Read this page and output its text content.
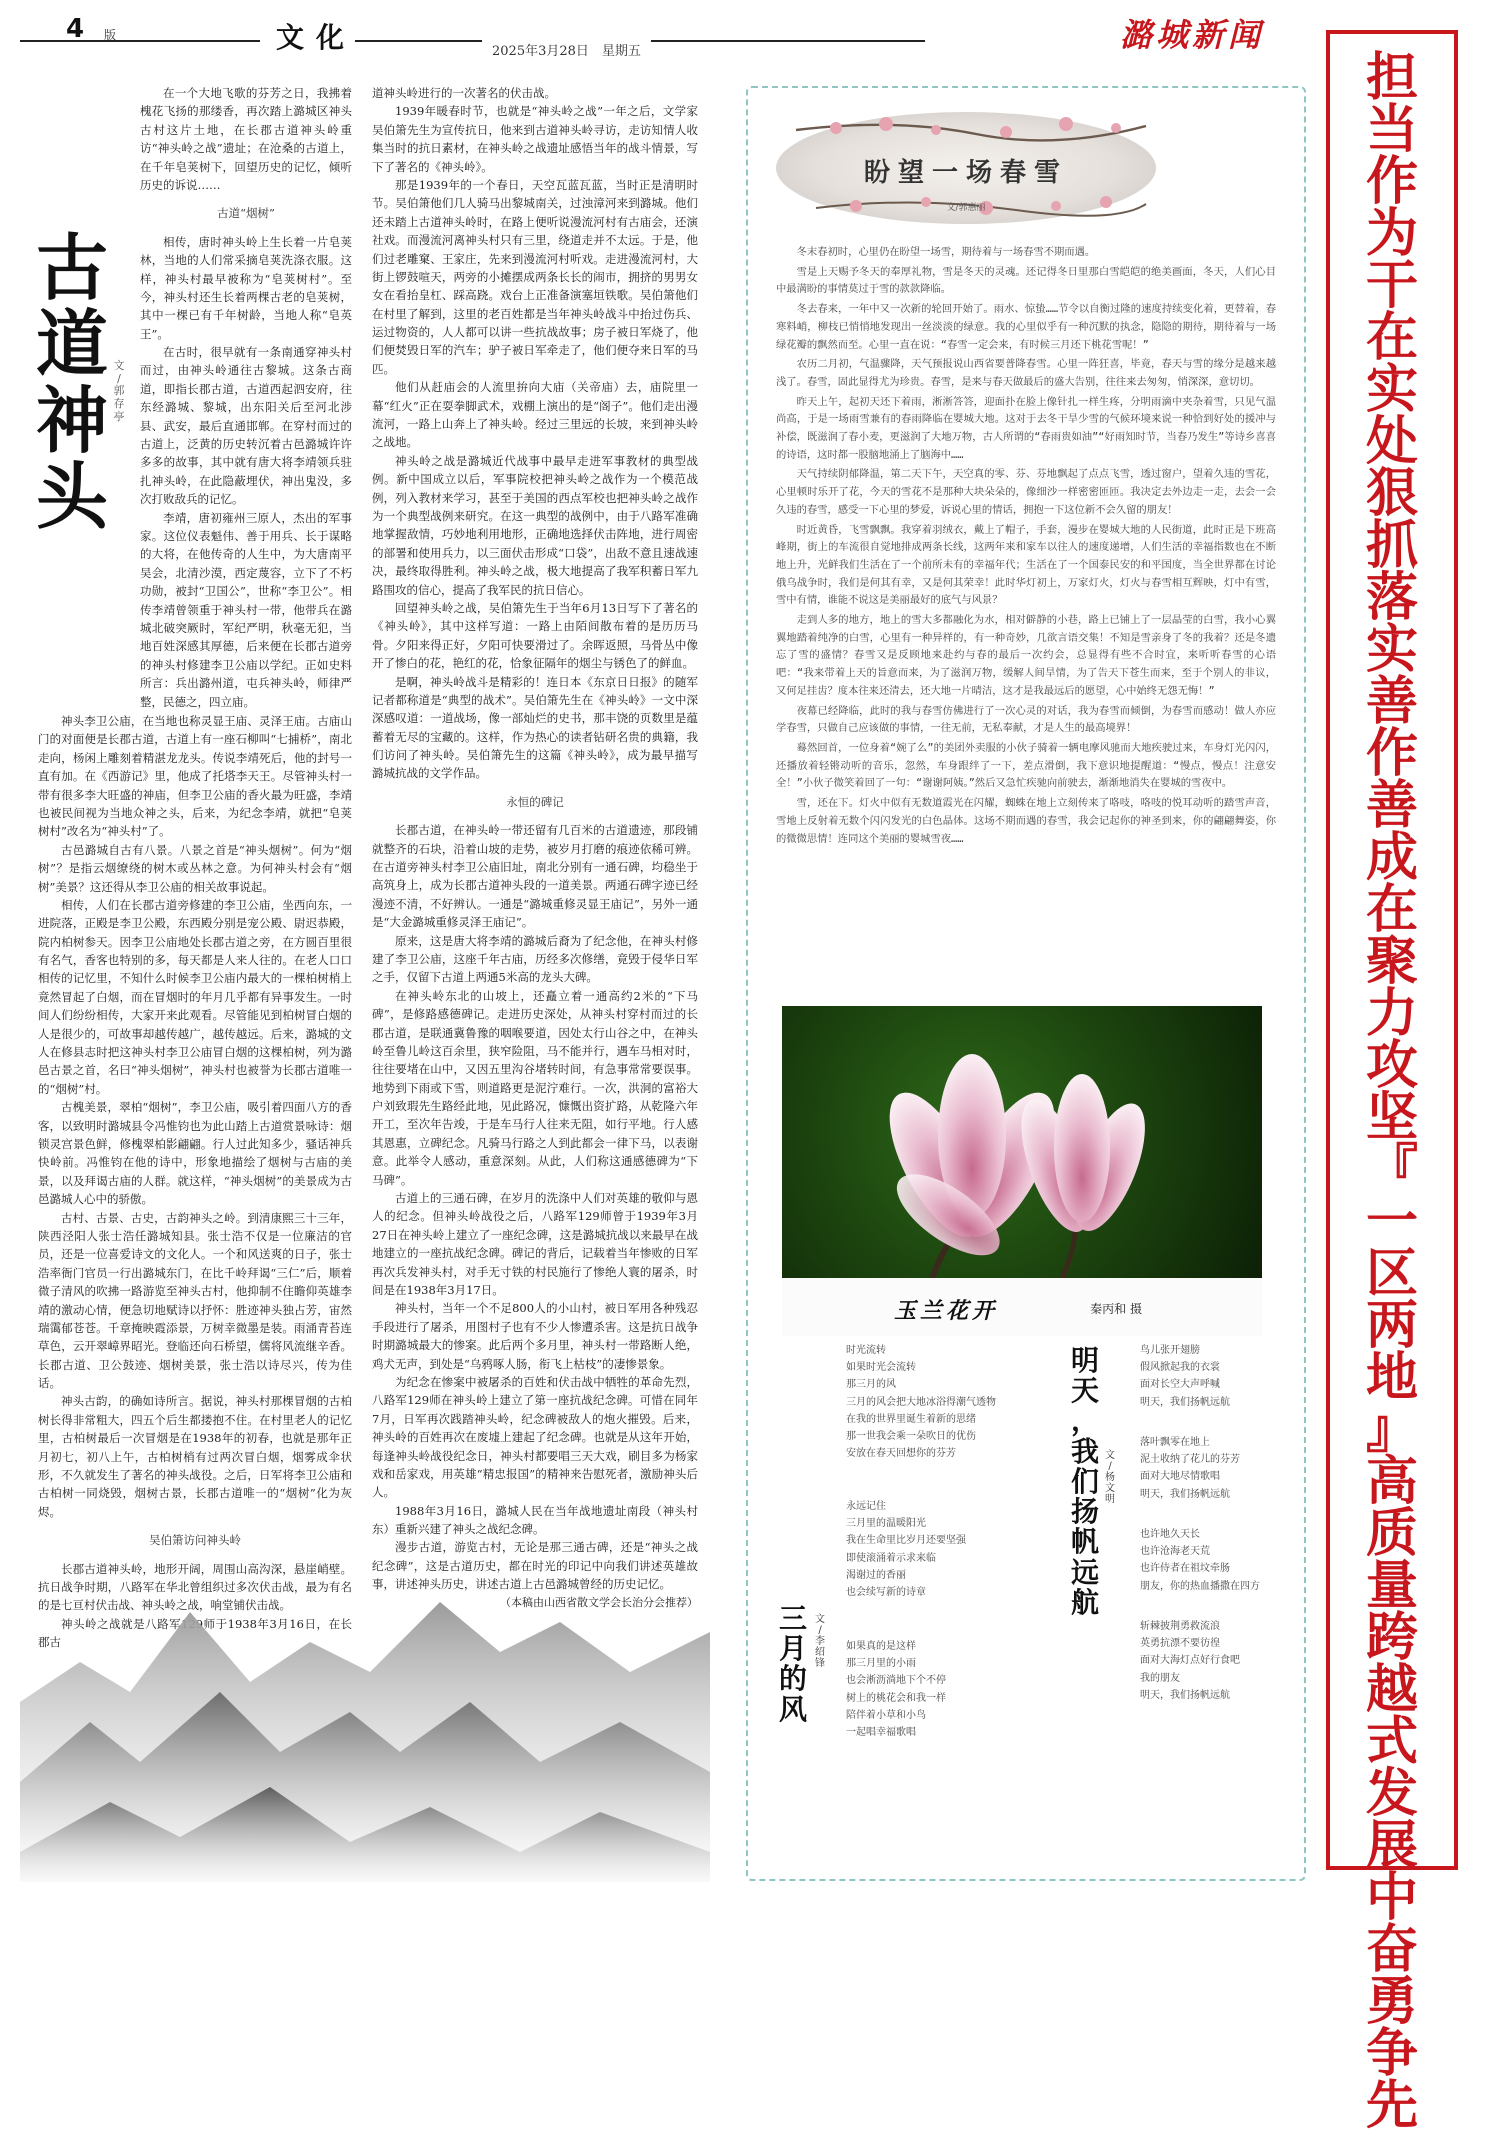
4 版	文化	2025年3月28日　星期五	潞城新闻
担
当
作
为
干
在
实
处
狠
抓
落
实
善
作
善
成
在
聚
力
攻
坚
『
一
区
两
地
』
高
质
量
跨
越
式
发
展
中
奋
勇
争
先
古
道
神
头
文
/
郭
存
亭

在一个大地飞歌的芬芳之日，我拂着槐花飞扬的那缕香，再次踏上潞城区神头古村这片土地，在长郡古道神头岭重访“神头岭之战”遗址；在沧桑的古道上，在千年皂荚树下，回望历史的记忆，倾听历史的诉说……

古道“烟树”

相传，唐时神头岭上生长着一片皂荚林，当地的人们常采摘皂荚洗涤衣服。这样，神头村最早被称为“皂荚树村”。至今，神头村还生长着两棵古老的皂荚树，其中一棵已有千年树龄，当地人称“皂英王”。

在古时，很早就有一条南通穿神头村而过，由神头岭通往古黎城。这条古商道，即指长郡古道，古道西起泗安府，往东经潞城、黎城，出东阳关后至河北涉县、武安，最后直通邯郸。在穿村而过的古道上，泛黄的历史转沉着古邑潞城许许多多的故事，其中就有唐大将李靖领兵驻扎神头岭，在此隐蔽埋伏，神出鬼没，多次打败敌兵的记忆。

李靖，唐初雍州三原人，杰出的军事家。这位仪表魁伟、善于用兵、长于谋略的大将，在他传奇的人生中，为大唐南平吴会，北清沙漠，西定蔑容，立下了不朽功勋，被封“卫国公”，世称“李卫公”。相传李靖曾领重于神头村一带，他带兵在潞城北破突厥时，军纪严明，秋毫无犯，当地百姓深感其厚德，后来便在长郡古道旁的神头村修建李卫公庙以学纪。正如史料所言：兵出潞州道，屯兵神头岭，师律严整，民德之，四立庙。

神头李卫公庙，在当地也称灵显王庙、灵泽王庙。古庙山门的对面便是长郡古道，古道上有一座石柳叫“七捕桥”，南北走向，杨闲上雕刻着精湛龙龙头。传说李靖死后，他的封号一直有加。在《西游记》里，他成了托塔李天王。尽管神头村一带有很多李大旺盛的神庙，但李卫公庙的香火最为旺盛，李靖也被民间视为当地众神之头，后来，为纪念李靖，就把“皂荚树村”改名为“神头村”了。

古邑潞城自古有八景。八景之首是“神头烟树”。何为“烟树”？是指云烟缭绕的树木或丛林之意。为何神头村会有“烟树”美景？这还得从李卫公庙的相关故事说起。

相传，人们在长郡古道旁修建的李卫公庙，坐西向东，一进院落，正殿是李卫公殿，东西殿分别是宠公殿、尉迟恭殿，院内柏树参天。因李卫公庙地处长郡古道之旁，在方圆百里很有名气，香客也特别的多，每天都是人来人往的。在老人口口相传的记忆里，不知什么时候李卫公庙内最大的一棵柏树梢上竟然冒起了白烟，而在冒烟时的年月几乎都有异事发生。一时间人们纷纷相传，大家开来此观看。尽管能见到柏树冒白烟的人是很少的，可故事却越传越广，越传越远。后来，潞城的文人在修县志时把这神头村李卫公庙冒白烟的这棵柏树，列为潞邑古景之首，名曰“神头烟树”，神头村也被誉为长郡古道唯一的“烟树”村。

古槐美景，翠柏“烟树”，李卫公庙，吸引着四面八方的香客，以致明时潞城县令冯惟钧也为此山踏上古道赏景咏诗：烟锁灵宫景色鲜，修槐翠柏影翩翩。行人过此知多少，骚话神兵快岭前。冯惟钧在他的诗中，形象地描绘了烟树与古庙的美景，以及拜谒古庙的人群。就这样，“神头烟树”的美景成为古邑潞城人心中的骄傲。

古村、古景、古史，古韵神头之岭。到清康熙三十三年，陕西泾阳人张士浩任潞城知县。张士浩不仅是一位廉洁的官员，还是一位喜爱诗文的文化人。一个和风送爽的日子，张士浩率衙门官员一行出潞城东门，在比千岭拜谒“三仁”后，顺着微子清风的吹拂一路游览至神头古村，他抑制不住瞻仰英雄李靖的激动心情，便急切地赋诗以抒怀：胜迹神头独占芳，宙然瑞霭郁苍苍。千章掩映霞添景，万树幸微墨是装。雨涌青苔连草色，云开翠嶂界昭光。登临还向石桥望，儒将风流继辛香。长郡古道、卫公鼓迹、烟树美景，张士浩以诗尽兴，传为佳话。

神头古韵，的确如诗所言。据说，神头村那棵冒烟的古柏树长得非常粗大，四五个后生都搂抱不住。在村里老人的记忆里，古柏树最后一次冒烟是在1938年的初春，也就是那年正月初七，初八上午，古柏树梢有过两次冒白烟，烟雾成伞状形，不久就发生了著名的神头战役。之后，日军将李卫公庙和古柏树一同烧毁，烟树古景，长郡古道唯一的“烟树”化为灰烬。

吴伯箫访问神头岭

长郡古道神头岭，地形开阔，周围山高沟深，悬崖峭壁。抗日战争时期，八路军在华北曾组织过多次伏击战，最为有名的是七亘村伏击战、神头岭之战，响堂铺伏击战。

神头岭之战就是八路军129师于1938年3月16日，在长郡古

道神头岭进行的一次著名的伏击战。

1939年暖春时节，也就是“神头岭之战”一年之后，文学家吴伯箫先生为宣传抗日，他来到古道神头岭寻访，走访知情人收集当时的抗日素材，在神头岭之战遗址感悟当年的战斗情景，写下了著名的《神头岭》。

那是1939年的一个春日，天空瓦蓝瓦蓝，当时正是清明时节。吴伯箫他们几人骑马出黎城南关，过浊漳河来到潞城。他们还未踏上古道神头岭时，在路上便听说漫流河村有古庙会，还演社戏。而漫流河离神头村只有三里，绕道走并不太远。于是，他们过老雕窠、王家庄，先来到漫流河村听戏。走进漫流河村，大街上锣鼓喧天，两旁的小摊摆成两条长长的闹市，拥挤的男男女女在看抬皇杠、踩高跷。戏台上正准备演塞垣铁歌。吴伯箫他们在村里了解到，这里的老百姓都是当年神头岭战斗中抬过伤兵、运过物资的，人人都可以讲一些抗战故事；房子被日军烧了，他们便焚毁日军的汽车；驴子被日军牵走了，他们便夺来日军的马匹。

他们从赶庙会的人流里拚向大庙（关帝庙）去，庙院里一幕“红火”正在耍拳脚武术，戏棚上演出的是“阁子”。他们走出漫流河，一路上山奔上了神头岭。经过三里远的长坡，来到神头岭之战地。

神头岭之战是潞城近代战事中最早走进军事教材的典型战例。新中国成立以后，军事院校把神头岭之战作为一个模范战例，列入教材来学习，甚至于美国的西点军校也把神头岭之战作为一个典型战例来研究。在这一典型的战例中，由于八路军准确地掌握敌情，巧妙地利用地形，正确地选择伏击阵地，进行周密的部署和使用兵力，以三面伏击形成“口袋”，出敌不意且速战速决，最终取得胜利。神头岭之战，极大地提高了我军积蓄日军九路围攻的信心，提高了我军民的抗日信心。

回望神头岭之战，吴伯箫先生于当年6月13日写下了著名的《神头岭》，其中这样写道：一路上由陌间散布着的是历历马骨。夕阳来得正好，夕阳可快要滑过了。余晖返照，马骨丛中像开了惨白的花，艳红的花，恰象征隔年的烟尘与锈色了的鲜血。

是啊，神头岭战斗是精彩的！连日本《东京日日报》的随军记者都称道是“典型的战术”。吴伯箫先生在《神头岭》一文中深深感叹道：一道战场，像一部灿烂的史书，那丰饶的页数里是蕴蓄着无尽的宝藏的。这样，作为热心的读者钻研名贵的典籍，我们访问了神头岭。吴伯箫先生的这篇《神头岭》，成为最早描写潞城抗战的文学作品。

永恒的碑记

长郡古道，在神头岭一带还留有几百米的古道遗迹，那段铺就整齐的石块，沿着山坡的走势，被岁月打磨的痕迹依稀可辨。在古道旁神头村李卫公庙旧址，南北分别有一通石碑，均稳坐于高筑身上，成为长郡古道神头段的一道美景。两通石碑字迹已经漫迹不清，不好辨认。一通是“潞城重修灵显王庙记”，另外一通是“大金潞城重修灵泽王庙记”。

原来，这是唐大将李靖的潞城后裔为了纪念他，在神头村修建了李卫公庙，这座千年古庙，历经多次修缮，竟毁于侵华日军之手，仅留下古道上两通5米高的龙头大碑。

在神头岭东北的山坡上，还矗立着一通高约2米的“下马碑”，是修路感德碑记。走进历史深处，从神头村穿村而过的长郡古道，是联通冀鲁豫的咽喉要道，因处太行山谷之中，在神头岭至鲁儿岭这百余里，狭窄险阻，马不能并行，遇车马相对时，往往要堵在山中，又因五里沟谷堵转时间，有急事常常要误事。地势到下雨或下雪，则道路更是泥泞难行。一次，洪洞的富裕大户刘致瑕先生路经此地，见此路况，慷慨出资扩路，从乾隆六年开工，至次年告竣，于是车马行人往来无阻，如行平地。行人感其恩惠，立碑纪念。凡骑马行路之人到此都会一律下马，以表谢意。此举令人感动，重意深刻。从此，人们称这通感德碑为“下马碑”。

古道上的三通石碑，在岁月的洗涤中人们对英雄的敬仰与恩人的纪念。但神头岭战役之后，八路军129师曾于1939年3月27日在神头岭上建立了一座纪念碑，这是潞城抗战以来最早在战地建立的一座抗战纪念碑。碑记的背后，记载着当年惨败的日军再次兵发神头村，对手无寸铁的村民施行了惨绝人寰的屠杀，时间是在1938年3月17日。

神头村，当年一个不足800人的小山村，被日军用各种残忍手段进行了屠杀，用图村子也有不少人惨遭杀害。这是抗日战争时期潞城最大的惨案。此后两个多月里，神头村一带路断人绝，鸡犬无声，到处是“乌鸦啄人肠，衔飞上枯枝”的凄惨景象。

为纪念在惨案中被屠杀的百姓和伏击战中牺牲的革命先烈，八路军129师在神头岭上建立了第一座抗战纪念碑。可惜在同年7月，日军再次践踏神头岭，纪念碑被敌人的炮火摧毁。后来，神头岭的百姓再次在废墟上建起了纪念碑。也就是从这年开始，每逢神头岭战役纪念日，神头村都要唱三天大戏，刷目多为杨家戏和岳家戏，用英雄“精忠报国”的精神来告慰死者，激励神头后人。

1988年3月16日，潞城人民在当年战地遗址南段（神头村东）重新兴建了神头之战纪念碑。

漫步古道，游览古村，无论是那三通古碑，还是“神头之战纪念碑”，这是古道历史，都在时光的印记中向我们讲述英雄故事，讲述神头历史，讲述古道上古邑潞城曾经的历史记忆。

（本稿由山西省散文学会长治分会推荐）

盼望一场春雪
文/郭惠丽

冬末春初时，心里仍在盼望一场雪，期待着与一场春雪不期而遇。

雪是上天赐予冬天的奉厚礼物，雪是冬天的灵魂。还记得冬日里那白雪皑皑的绝美画面，冬天，人们心目中最满盼的事情莫过于雪的款款降临。

冬去春来，一年中又一次新的轮回开始了。雨水、惊蛰……节令以自衡过隆的速度持续变化着，更替着，春寒料峭，柳枝已悄悄地发现出一丝淡淡的绿意。我的心里似乎有一种沉默的执念，隐隐的期待，期待着与一场绿花瓣的飘然而至。心里一直在说：“春雪一定会来，有时候三月还下桃花雪呢！”

农历二月初，气温骤降，天气预报说山西省要普降春雪。心里一阵狂喜，毕竟，春天与雪的缘分是越来越浅了。春雪，固此显得尤为珍贵。春雪，是来与春天做最后的盛大告别，往往来去匆匆，悄深深，意切切。

昨天上午，起初天还下着雨，淅淅答答，迎面扑在脸上像针扎一样生疼，分明雨滴中夹杂着雪，只见气温尚高，于是一场雨雪兼有的春雨降临在婴城大地。这对于去冬干旱少雪的气候环境来说一种恰到好处的援冲与补偿，既滋润了春小麦，更滋润了大地万物，古人所谓的“春雨贵如油”“好雨知时节，当春乃发生”等诗乡喜喜的诗语，这时都一股脑地涌上了脑海中……

天气持续阴郁降温，第二天下午，天空真的零、芬、芬地飘起了点点飞雪，透过窗户，望着久违的雪花，心里顿时乐开了花，今天的雪花不是那种大块朵朵的，像细沙一样密密匝匝。我决定去外边走一走，去会一会久违的春雪，感受一下心里的梦爱，诉说心里的情话，拥抱一下这位新不会久留的朋友！

时近黄昏，飞雪飘飘。我穿着羽绒衣，戴上了帽子，手套，漫步在婴城大地的人民街道，此时正是下班高峰期，街上的车流很自觉地排成两条长线，这两年来和家车以往人的速度递增，人们生活的幸福指数也在不断地上升，光鲜我们生活在了一个前所未有的幸福年代；生活在了一个国泰民安的和平国度，当全世界都在讨论俄乌战争时，我们是何其有幸，又是何其荣幸！此时华灯初上，万家灯火，灯火与春雪相互辉映，灯中有雪，雪中有情，谁能不说这是美丽最好的底气与风景？

走到人多的地方，地上的雪大多都融化为水，相对僻静的小巷，路上已铺上了一层晶莹的白雪，我小心翼翼地踏着纯净的白雪，心里有一种异样的，有一种奇妙，几欲言语交集！不知是雪亲身了冬的我着？还是冬遗忘了雪的盛情？春雪又是反顾地来赴约与春的最后一次约会，总显得有些不合时宜，来听听春雪的心语吧：“我来带着上天的旨意而来，为了滋润万物，缓解人间旱情，为了告天下苍生而来，至于个别人的非议，又何足挂齿？度本往来还清去，还大地一片晴洁，这才是我最远后的愿望，心中始终无怨无悔！”

夜幕已经降临，此时的我与春雪仿佛进行了一次心灵的对话，我为春雪而倾倒，为春雪而感动！做人亦应学春雪，只做自己应该做的事情，一往无前，无私奉献，才是人生的最高境界！

蓦然回首，一位身着“婉了么”的美团外卖服的小伙子骑着一辆电摩风驰而大地疾驶过来，车身灯光闪闪，还播放着轻锵动听的音乐，忽然，车身跟绊了一下，差点滑倒，我下意识地提醒道：“慢点，慢点！注意安全！”小伙子微笑着回了一句：“谢谢阿姨。”然后又急忙疾驰向前驶去，渐渐地消失在婴城的雪夜中。

雪，还在下。灯火中似有无数道霞光在闪耀，蜘蛛在地上立刻传来了咯吱，咯吱的悦耳动听的踏雪声音，雪地上反射着无数个闪闪发光的白色晶体。这场不期而遇的春雪，我会记起你的神圣到来，你的翩翩舞姿，你的微微思情！连同这个美丽的婴城雪夜……

玉兰花开	秦丙和 摄
三
月
的
风
文
/
李
绍
锋
时光流转
如果时光会流转
那三月的风
三月的风会把大地冰浴得潮气透物
在我的世界里诞生着新的思绪
那一世我会乘一朵吹日的优伤
安放在春天回想你的芬芳
永远记住
三月里的温暖阳光
我在生命里比岁月还要坚强
即使滚涌着示求来临
渴谢过的香丽
也会续写新的诗章
如果真的是这样
那三月里的小雨
也会淅沥淌地下个不停
树上的桃花会和我一样
陪伴着小草和小鸟
一起唱幸福歌唱
明
天
，
我
们
扬
帆
远
航
文
/
杨
文
明
鸟儿张开翅膀
假风掀起我的衣裳
面对长空大声呼喊
明天，我们扬帆远航
落叶飘零在地上
泥土收纳了花儿的芬芳
面对大地尽情歌唱
明天，我们扬帆远航
也许地久天长
也许沧海老天荒
也许侍者在祖坟牵肠
朋友，你的热血播撒在四方
斩棘披荆勇救流浪
英勇抗漂不要彷徨
面对大海灯点好行食吧
我的朋友
明天，我们扬帆远航
